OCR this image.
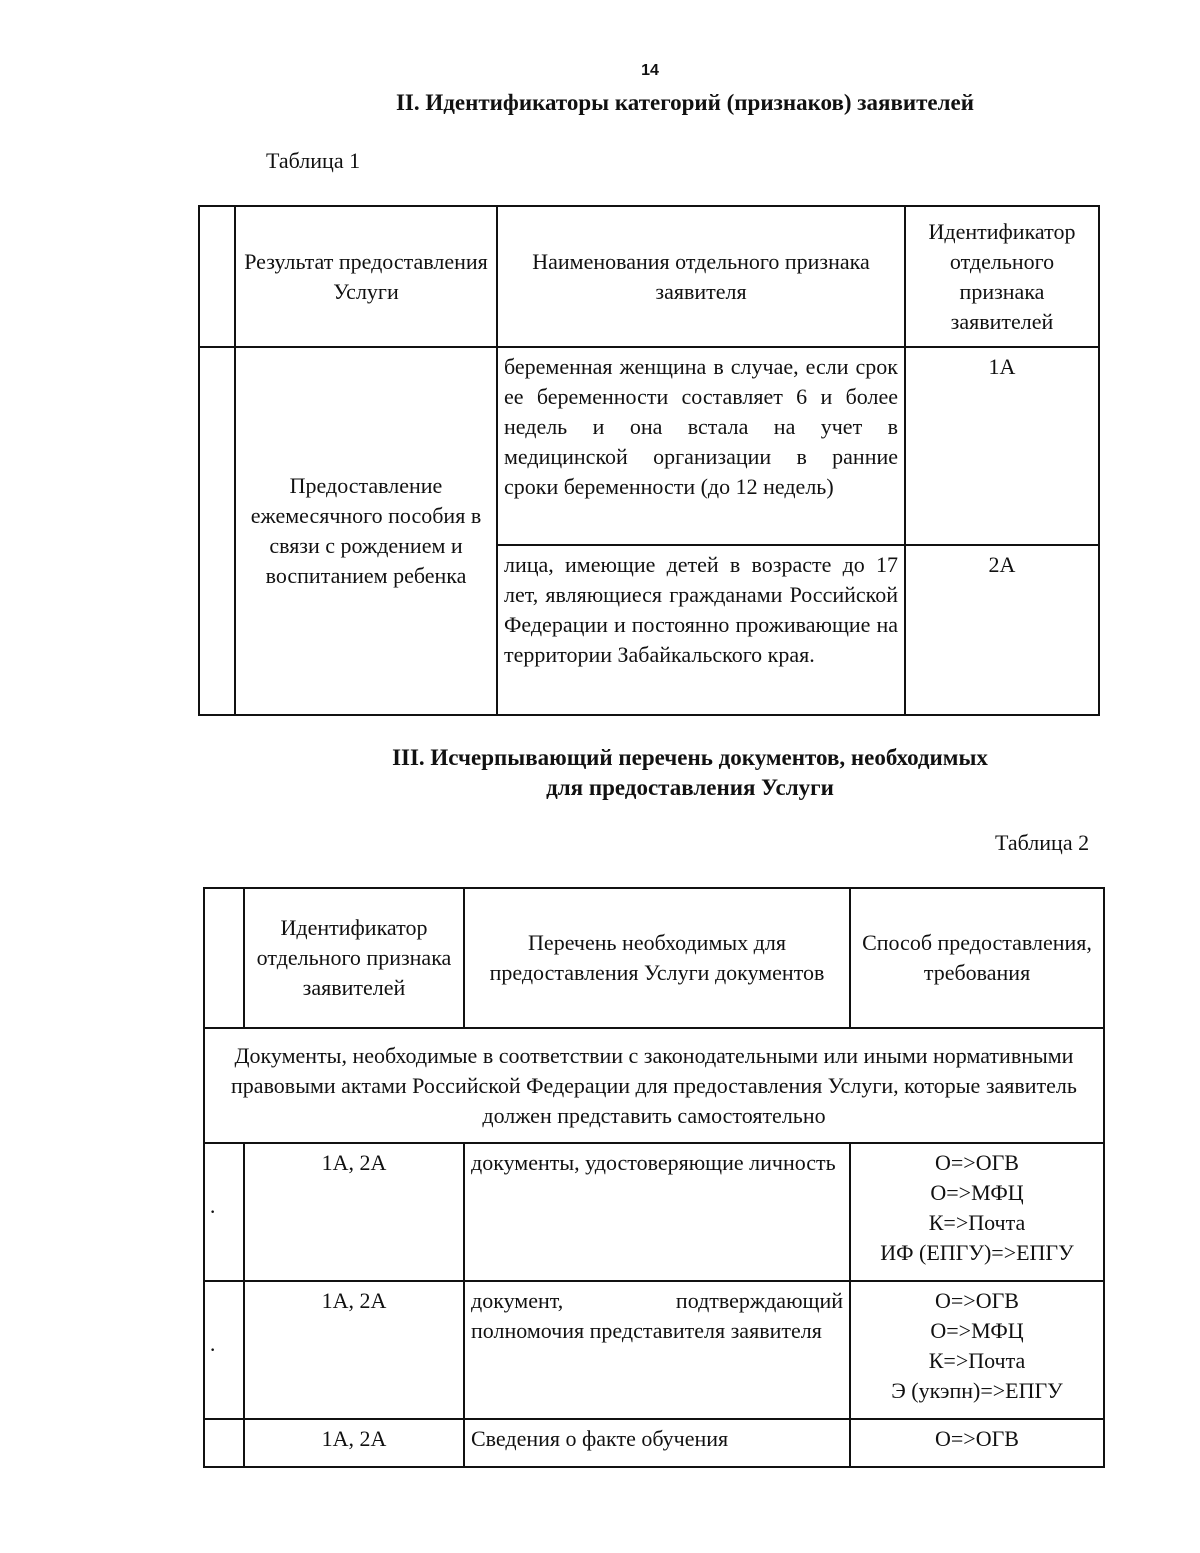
14
II. Идентификаторы категорий (признаков) заявителей
Таблица 1
	Результат предоставления Услуги	Наименования отдельного признака заявителя	Идентификатор отдельного признака заявителей
	Предоставление ежемесячного пособия в связи с рождением и воспитанием ребенка	беременная женщина в случае, если срок ее беременности составляет 6 и более недель и она встала на учет в медицинской организации в ранние сроки беременности (до 12 недель)	1А
		лица, имеющие детей в возрасте до 17 лет, являющиеся гражданами Российской Федерации и постоянно проживающие на территории Забайкальского края.	2А
III. Исчерпывающий перечень документов, необходимых
для предоставления Услуги
Таблица 2
	Идентификатор отдельного признака заявителей	Перечень необходимых для предоставления Услуги документов	Способ предоставления, требования
Документы, необходимые в соответствии с законодательными или иными нормативными правовыми актами Российской Федерации для предоставления Услуги, которые заявитель должен представить самостоятельно			
·	1А, 2А	документы, удостоверяющие личность	О=>ОГВ
О=>МФЦ
К=>Почта
ИФ (ЕПГУ)=>ЕПГУ

·	1А, 2А	документ, подтверждающий полномочия представителя заявителя	О=>ОГВ
О=>МФЦ
К=>Почта
Э (укэпн)=>ЕПГУ

	1А, 2А	Сведения о факте обучения	О=>ОГВ
